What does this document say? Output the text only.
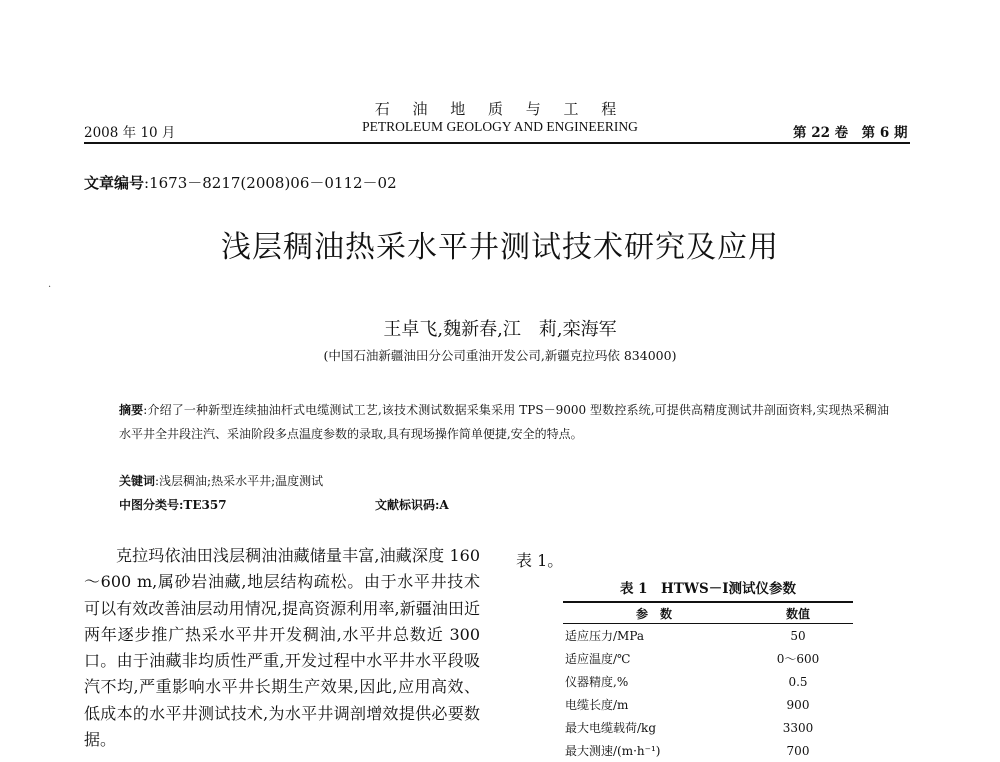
石 油 地 质 与 工 程
PETROLEUM GEOLOGY AND ENGINEERING
2008 年 10 月	第 22 卷　第 6 期
文章编号:1673－8217(2008)06－0112－02
·
浅层稠油热采水平井测试技术研究及应用
王卓飞,魏新春,江　莉,栾海军
(中国石油新疆油田分公司重油开发公司,新疆克拉玛依 834000)
摘要:介绍了一种新型连续抽油杆式电缆测试工艺,该技术测试数据采集采用 TPS－9000 型数控系统,可提供高精度测试井剖面资料,实现热采稠油水平井全井段注汽、采油阶段多点温度参数的录取,具有现场操作简单便捷,安全的特点。
关键词:浅层稠油;热采水平井;温度测试
中图分类号:TE357	文献标识码:A
克拉玛依油田浅层稠油油藏储量丰富,油藏深度 160～600 m,属砂岩油藏,地层结构疏松。由于水平井技术可以有效改善油层动用情况,提高资源利用率,新疆油田近两年逐步推广热采水平井开发稠油,水平井总数近 300 口。由于油藏非均质性严重,开发过程中水平井水平段吸汽不均,严重影响水平井长期生产效果,因此,应用高效、低成本的水平井测试技术,为水平井调剖增效提供必要数据。
表 1。
表 1　HTWS－Ⅰ测试仪参数
参　数	数值
适应压力/MPa	50
适应温度/℃	0～600
仪器精度,%	0.5
电缆长度/m	900
最大电缆载荷/kg	3300
最大测速/(m·h⁻¹)	700
